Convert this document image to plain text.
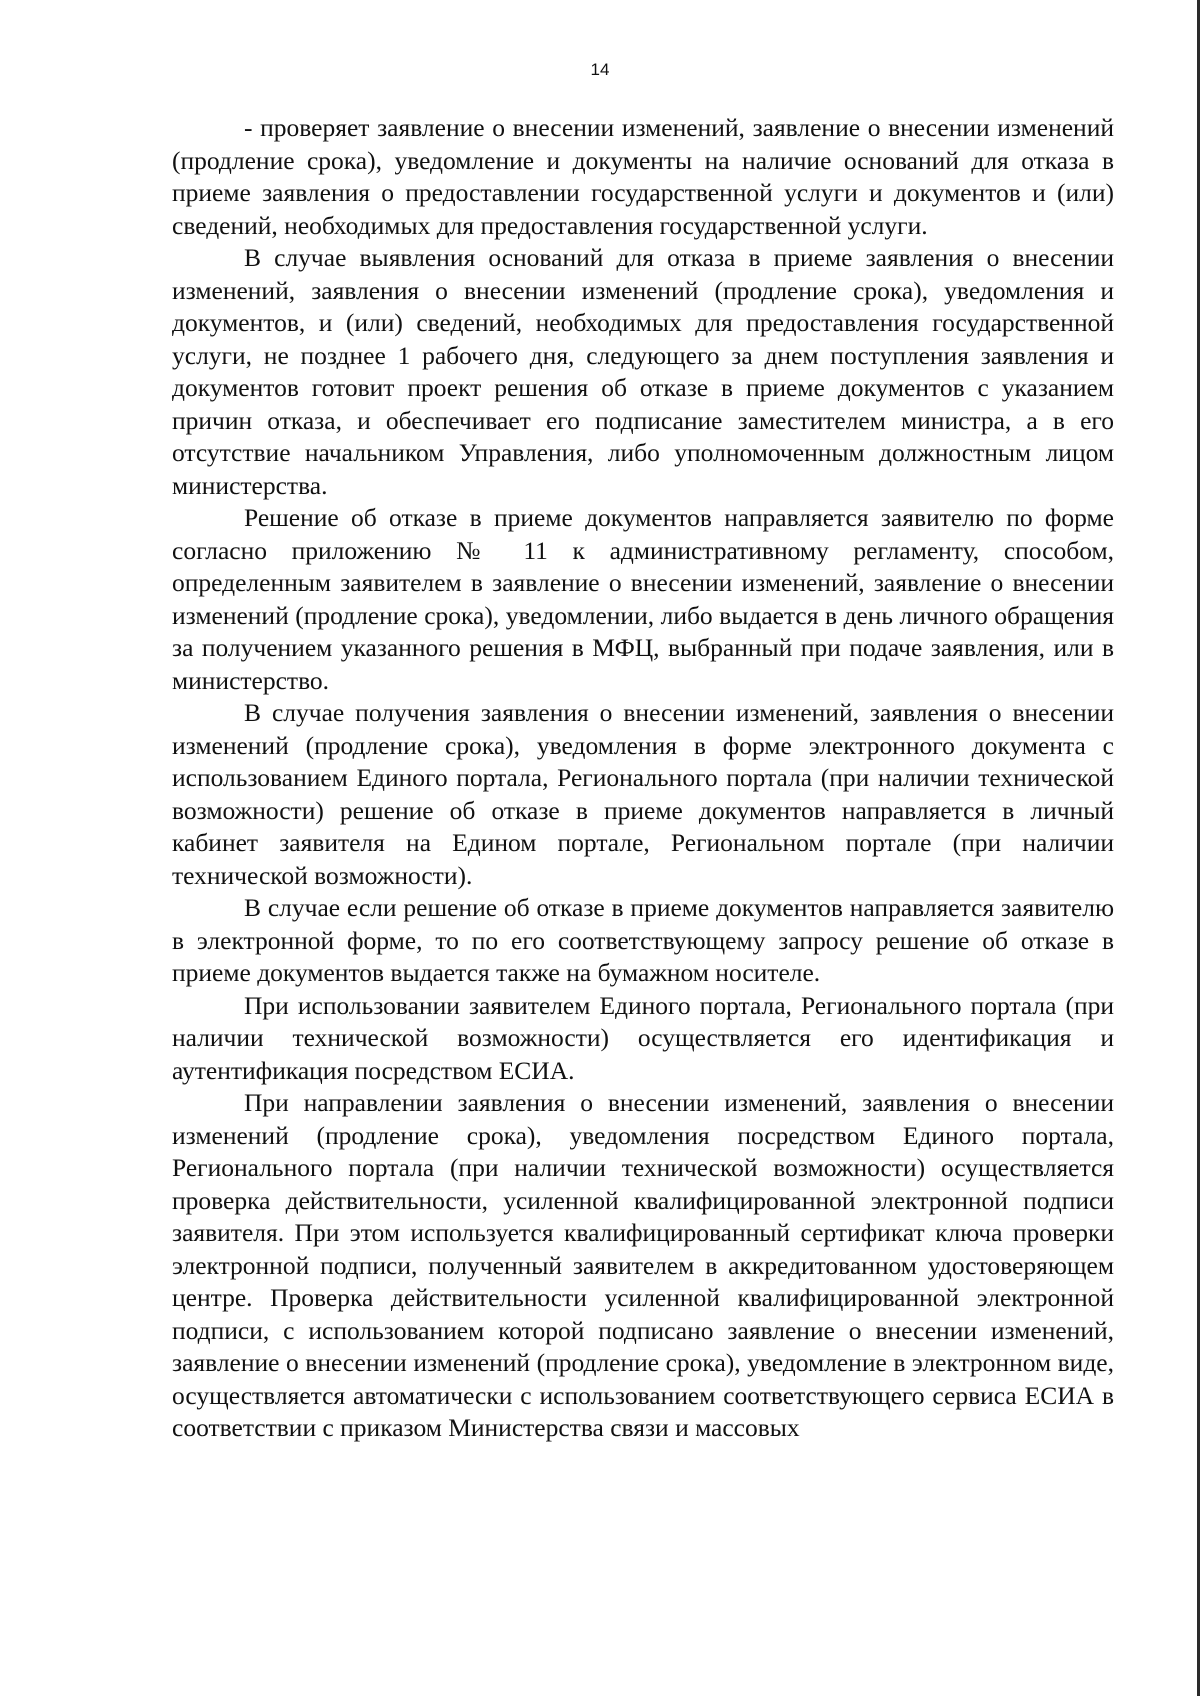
14

- проверяет заявление о внесении изменений, заявление о внесении изменений (продление срока), уведомление и документы на наличие оснований для отказа в приеме заявления о предоставлении государственной услуги и документов и (или) сведений, необходимых для предоставления государственной услуги.

В случае выявления оснований для отказа в приеме заявления о внесении изменений, заявления о внесении изменений (продление срока), уведомления и документов, и (или) сведений, необходимых для предоставления государственной услуги, не позднее 1 рабочего дня, следующего за днем поступления заявления и документов готовит проект решения об отказе в приеме документов с указанием причин отказа, и обеспечивает его подписание заместителем министра, а в его отсутствие начальником Управления, либо уполномоченным должностным лицом министерства.

Решение об отказе в приеме документов направляется заявителю по форме согласно приложению № 11 к административному регламенту, способом, определенным заявителем в заявление о внесении изменений, заявление о внесении изменений (продление срока), уведомлении, либо выдается в день личного обращения за получением указанного решения в МФЦ, выбранный при подаче заявления, или в министерство.

В случае получения заявления о внесении изменений, заявления о внесении изменений (продление срока), уведомления в форме электронного документа с использованием Единого портала, Регионального портала (при наличии технической возможности) решение об отказе в приеме документов направляется в личный кабинет заявителя на Едином портале, Региональном портале (при наличии технической возможности).

В случае если решение об отказе в приеме документов направляется заявителю в электронной форме, то по его соответствующему запросу решение об отказе в приеме документов выдается также на бумажном носителе.

При использовании заявителем Единого портала, Регионального портала (при наличии технической возможности) осуществляется его идентификация и аутентификация посредством ЕСИА.

При направлении заявления о внесении изменений, заявления о внесении изменений (продление срока), уведомления посредством Единого портала, Регионального портала (при наличии технической возможности) осуществляется проверка действительности, усиленной квалифицированной электронной подписи заявителя. При этом используется квалифицированный сертификат ключа проверки электронной подписи, полученный заявителем в аккредитованном удостоверяющем центре. Проверка действительности усиленной квалифицированной электронной подписи, с использованием которой подписано заявление о внесении изменений, заявление о внесении изменений (продление срока), уведомление в электронном виде, осуществляется автоматически с использованием соответствующего сервиса ЕСИА в соответствии с приказом Министерства связи и массовых
